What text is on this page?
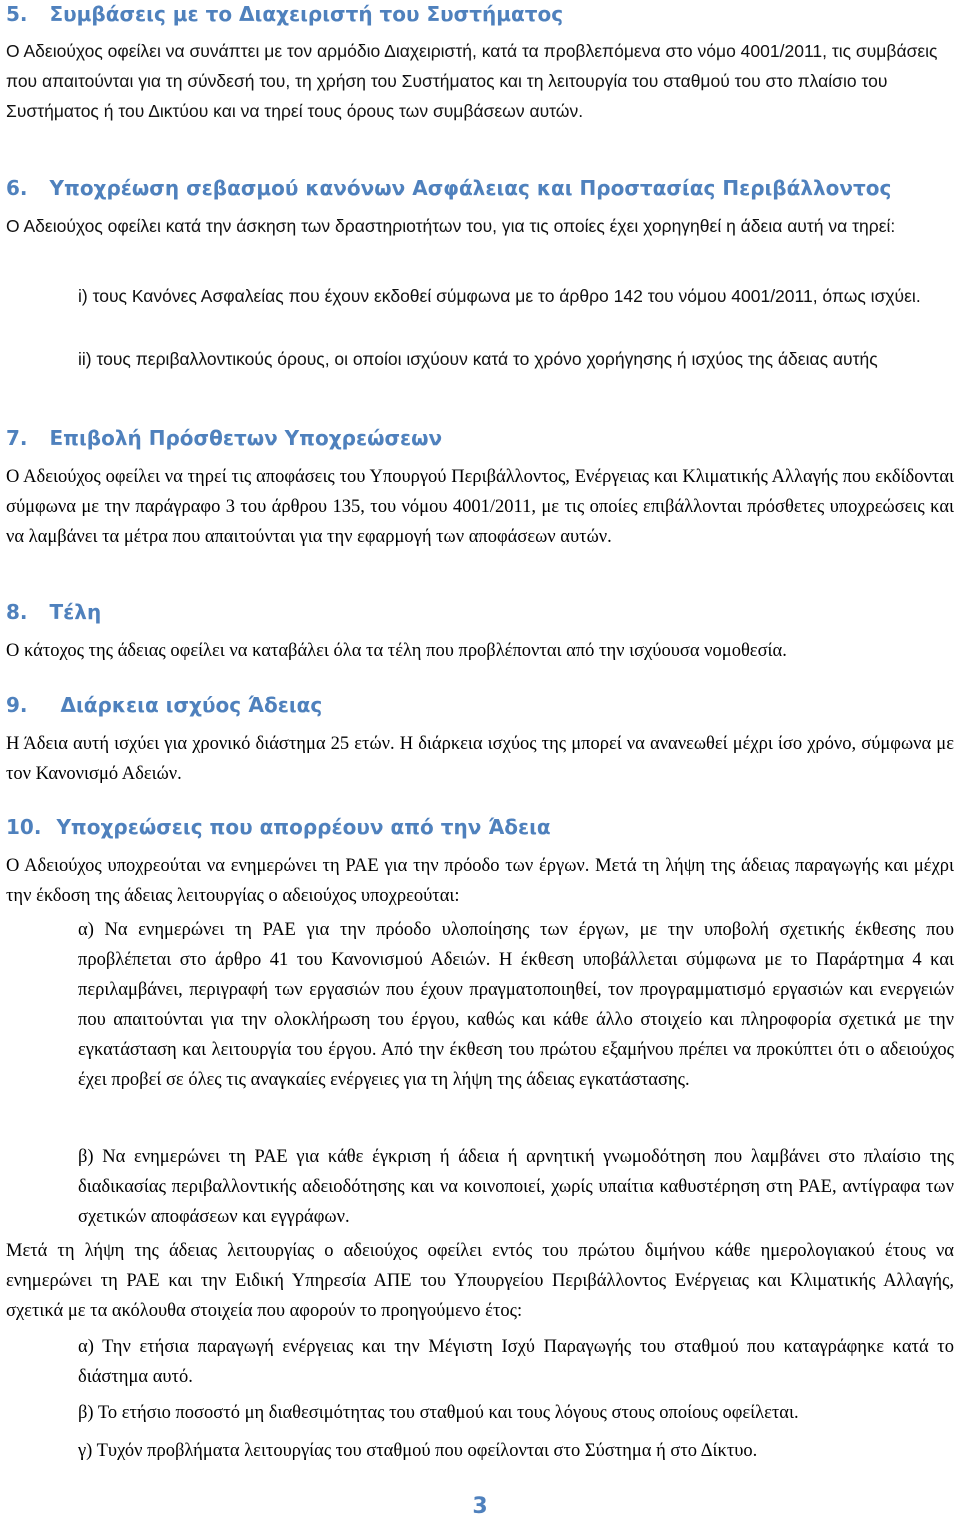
5. Συμβάσεις με το Διαχειριστή του Συστήματος
Ο Αδειούχος οφείλει να συνάπτει με τον αρμόδιο Διαχειριστή, κατά τα προβλεπόμενα στο νόμο 4001/2011, τις συμβάσεις που απαιτούνται για τη σύνδεσή του, τη χρήση του Συστήματος και τη λειτουργία του σταθμού του στο πλαίσιο του Συστήματος ή του Δικτύου και να τηρεί τους όρους των συμβάσεων αυτών.
6. Υποχρέωση σεβασμού κανόνων Ασφάλειας και Προστασίας Περιβάλλοντος
Ο Αδειούχος οφείλει κατά την άσκηση των δραστηριοτήτων του, για τις οποίες έχει χορηγηθεί η άδεια αυτή να τηρεί:
i) τους Κανόνες Ασφαλείας που έχουν εκδοθεί σύμφωνα με το άρθρο 142 του νόμου 4001/2011, όπως ισχύει.
ii) τους περιβαλλοντικούς όρους, οι οποίοι ισχύουν κατά το χρόνο χορήγησης ή ισχύος της άδειας αυτής
7. Επιβολή Πρόσθετων Υποχρεώσεων
Ο Αδειούχος οφείλει να τηρεί τις αποφάσεις του Υπουργού Περιβάλλοντος, Ενέργειας και Κλιματικής Αλλαγής που εκδίδονται σύμφωνα με την παράγραφο 3 του άρθρου 135, του νόμου 4001/2011, με τις οποίες επιβάλλονται πρόσθετες υποχρεώσεις και να λαμβάνει τα μέτρα που απαιτούνται για την εφαρμογή των αποφάσεων αυτών.
8. Τέλη
Ο κάτοχος της άδειας οφείλει να καταβάλει όλα τα τέλη που προβλέπονται από την ισχύουσα νομοθεσία.
9. Διάρκεια ισχύος Άδειας
Η Άδεια αυτή ισχύει για χρονικό διάστημα 25 ετών. Η διάρκεια ισχύος της μπορεί να ανανεωθεί μέχρι ίσο χρόνο, σύμφωνα με τον Κανονισμό Αδειών.
10. Υποχρεώσεις που απορρέουν από την Άδεια
Ο Αδειούχος υποχρεούται να ενημερώνει τη ΡΑΕ για την πρόοδο των έργων. Μετά τη λήψη της άδειας παραγωγής και μέχρι την έκδοση της άδειας λειτουργίας ο αδειούχος υποχρεούται:
α) Να ενημερώνει τη ΡΑΕ για την πρόοδο υλοποίησης των έργων, με την υποβολή σχετικής έκθεσης που προβλέπεται στο άρθρο 41 του Κανονισμού Αδειών. Η έκθεση υποβάλλεται σύμφωνα με το Παράρτημα 4 και περιλαμβάνει, περιγραφή των εργασιών που έχουν πραγματοποιηθεί, τον προγραμματισμό εργασιών και ενεργειών που απαιτούνται για την ολοκλήρωση του έργου, καθώς και κάθε άλλο στοιχείο και πληροφορία σχετικά με την εγκατάσταση και λειτουργία του έργου. Από την έκθεση του πρώτου εξαμήνου πρέπει να προκύπτει ότι ο αδειούχος έχει προβεί σε όλες τις αναγκαίες ενέργειες για τη λήψη της άδειας εγκατάστασης.
β) Να ενημερώνει τη ΡΑΕ για κάθε έγκριση ή άδεια ή αρνητική γνωμοδότηση που λαμβάνει στο πλαίσιο της διαδικασίας περιβαλλοντικής αδειοδότησης και να κοινοποιεί, χωρίς υπαίτια καθυστέρηση στη ΡΑΕ, αντίγραφα των σχετικών αποφάσεων και εγγράφων.
Μετά τη λήψη της άδειας λειτουργίας ο αδειούχος οφείλει εντός του πρώτου διμήνου κάθε ημερολογιακού έτους να ενημερώνει τη ΡΑΕ και την Ειδική Υπηρεσία ΑΠΕ του Υπουργείου Περιβάλλοντος Ενέργειας και Κλιματικής Αλλαγής, σχετικά με τα ακόλουθα στοιχεία που αφορούν το προηγούμενο έτος:
α) Την ετήσια παραγωγή ενέργειας και την Μέγιστη Ισχύ Παραγωγής του σταθμού που καταγράφηκε κατά το διάστημα αυτό.
β) Το ετήσιο ποσοστό μη διαθεσιμότητας του σταθμού και τους λόγους στους οποίους οφείλεται.
γ) Τυχόν προβλήματα λειτουργίας του σταθμού που οφείλονται στο Σύστημα ή στο Δίκτυο.
3
